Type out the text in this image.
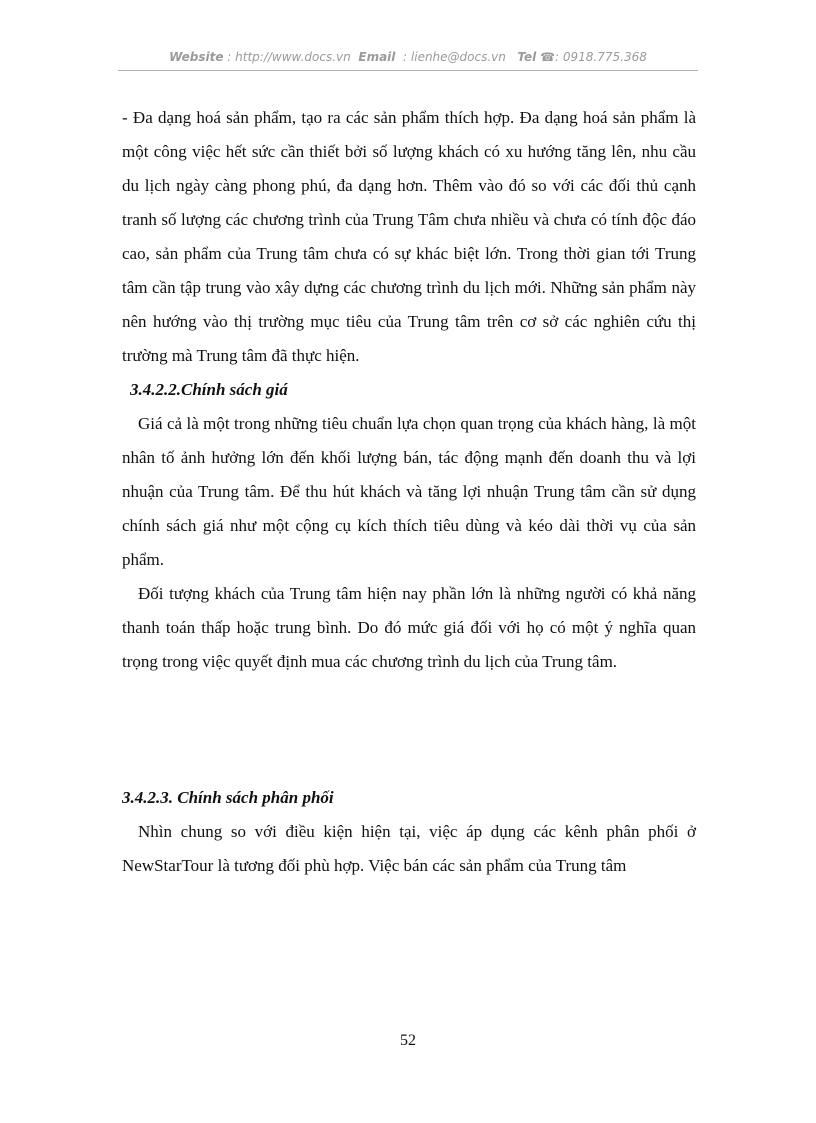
Website : http://www.docs.vn Email : lienhe@docs.vn Tel ☎: 0918.775.368

- Đa dạng hoá sản phẩm, tạo ra các sản phẩm thích hợp. Đa dạng hoá sản phẩm là một công việc hết sức cần thiết bởi số lượng khách có xu hướng tăng lên, nhu cầu du lịch ngày càng phong phú, đa dạng hơn. Thêm vào đó so với các đối thủ cạnh tranh số lượng các chương trình của Trung Tâm chưa nhiều và chưa có tính độc đáo cao, sản phẩm của Trung tâm chưa có sự khác biệt lớn. Trong thời gian tới Trung tâm cần tập trung vào xây dựng các chương trình du lịch mới. Những sản phẩm này nên hướng vào thị trường mục tiêu của Trung tâm trên cơ sở các nghiên cứu thị trường mà Trung tâm đã thực hiện.

3.4.2.2.Chính sách giá

Giá cả là một trong những tiêu chuẩn lựa chọn quan trọng của khách hàng, là một nhân tố ảnh hưởng lớn đến khối lượng bán, tác động mạnh đến doanh thu và lợi nhuận của Trung tâm. Để thu hút khách và tăng lợi nhuận Trung tâm cần sử dụng chính sách giá như một cộng cụ kích thích tiêu dùng và kéo dài thời vụ của sản phẩm.

Đối tượng khách của Trung tâm hiện nay phần lớn là những người có khả năng thanh toán thấp hoặc trung bình. Do đó mức giá đối với họ có một ý nghĩa quan trọng trong việc quyết định mua các chương trình du lịch của Trung tâm.

3.4.2.3. Chính sách phân phối

Nhìn chung so với điều kiện hiện tại, việc áp dụng các kênh phân phối ở NewStarTour là tương đối phù hợp. Việc bán các sản phẩm của Trung tâm

52
